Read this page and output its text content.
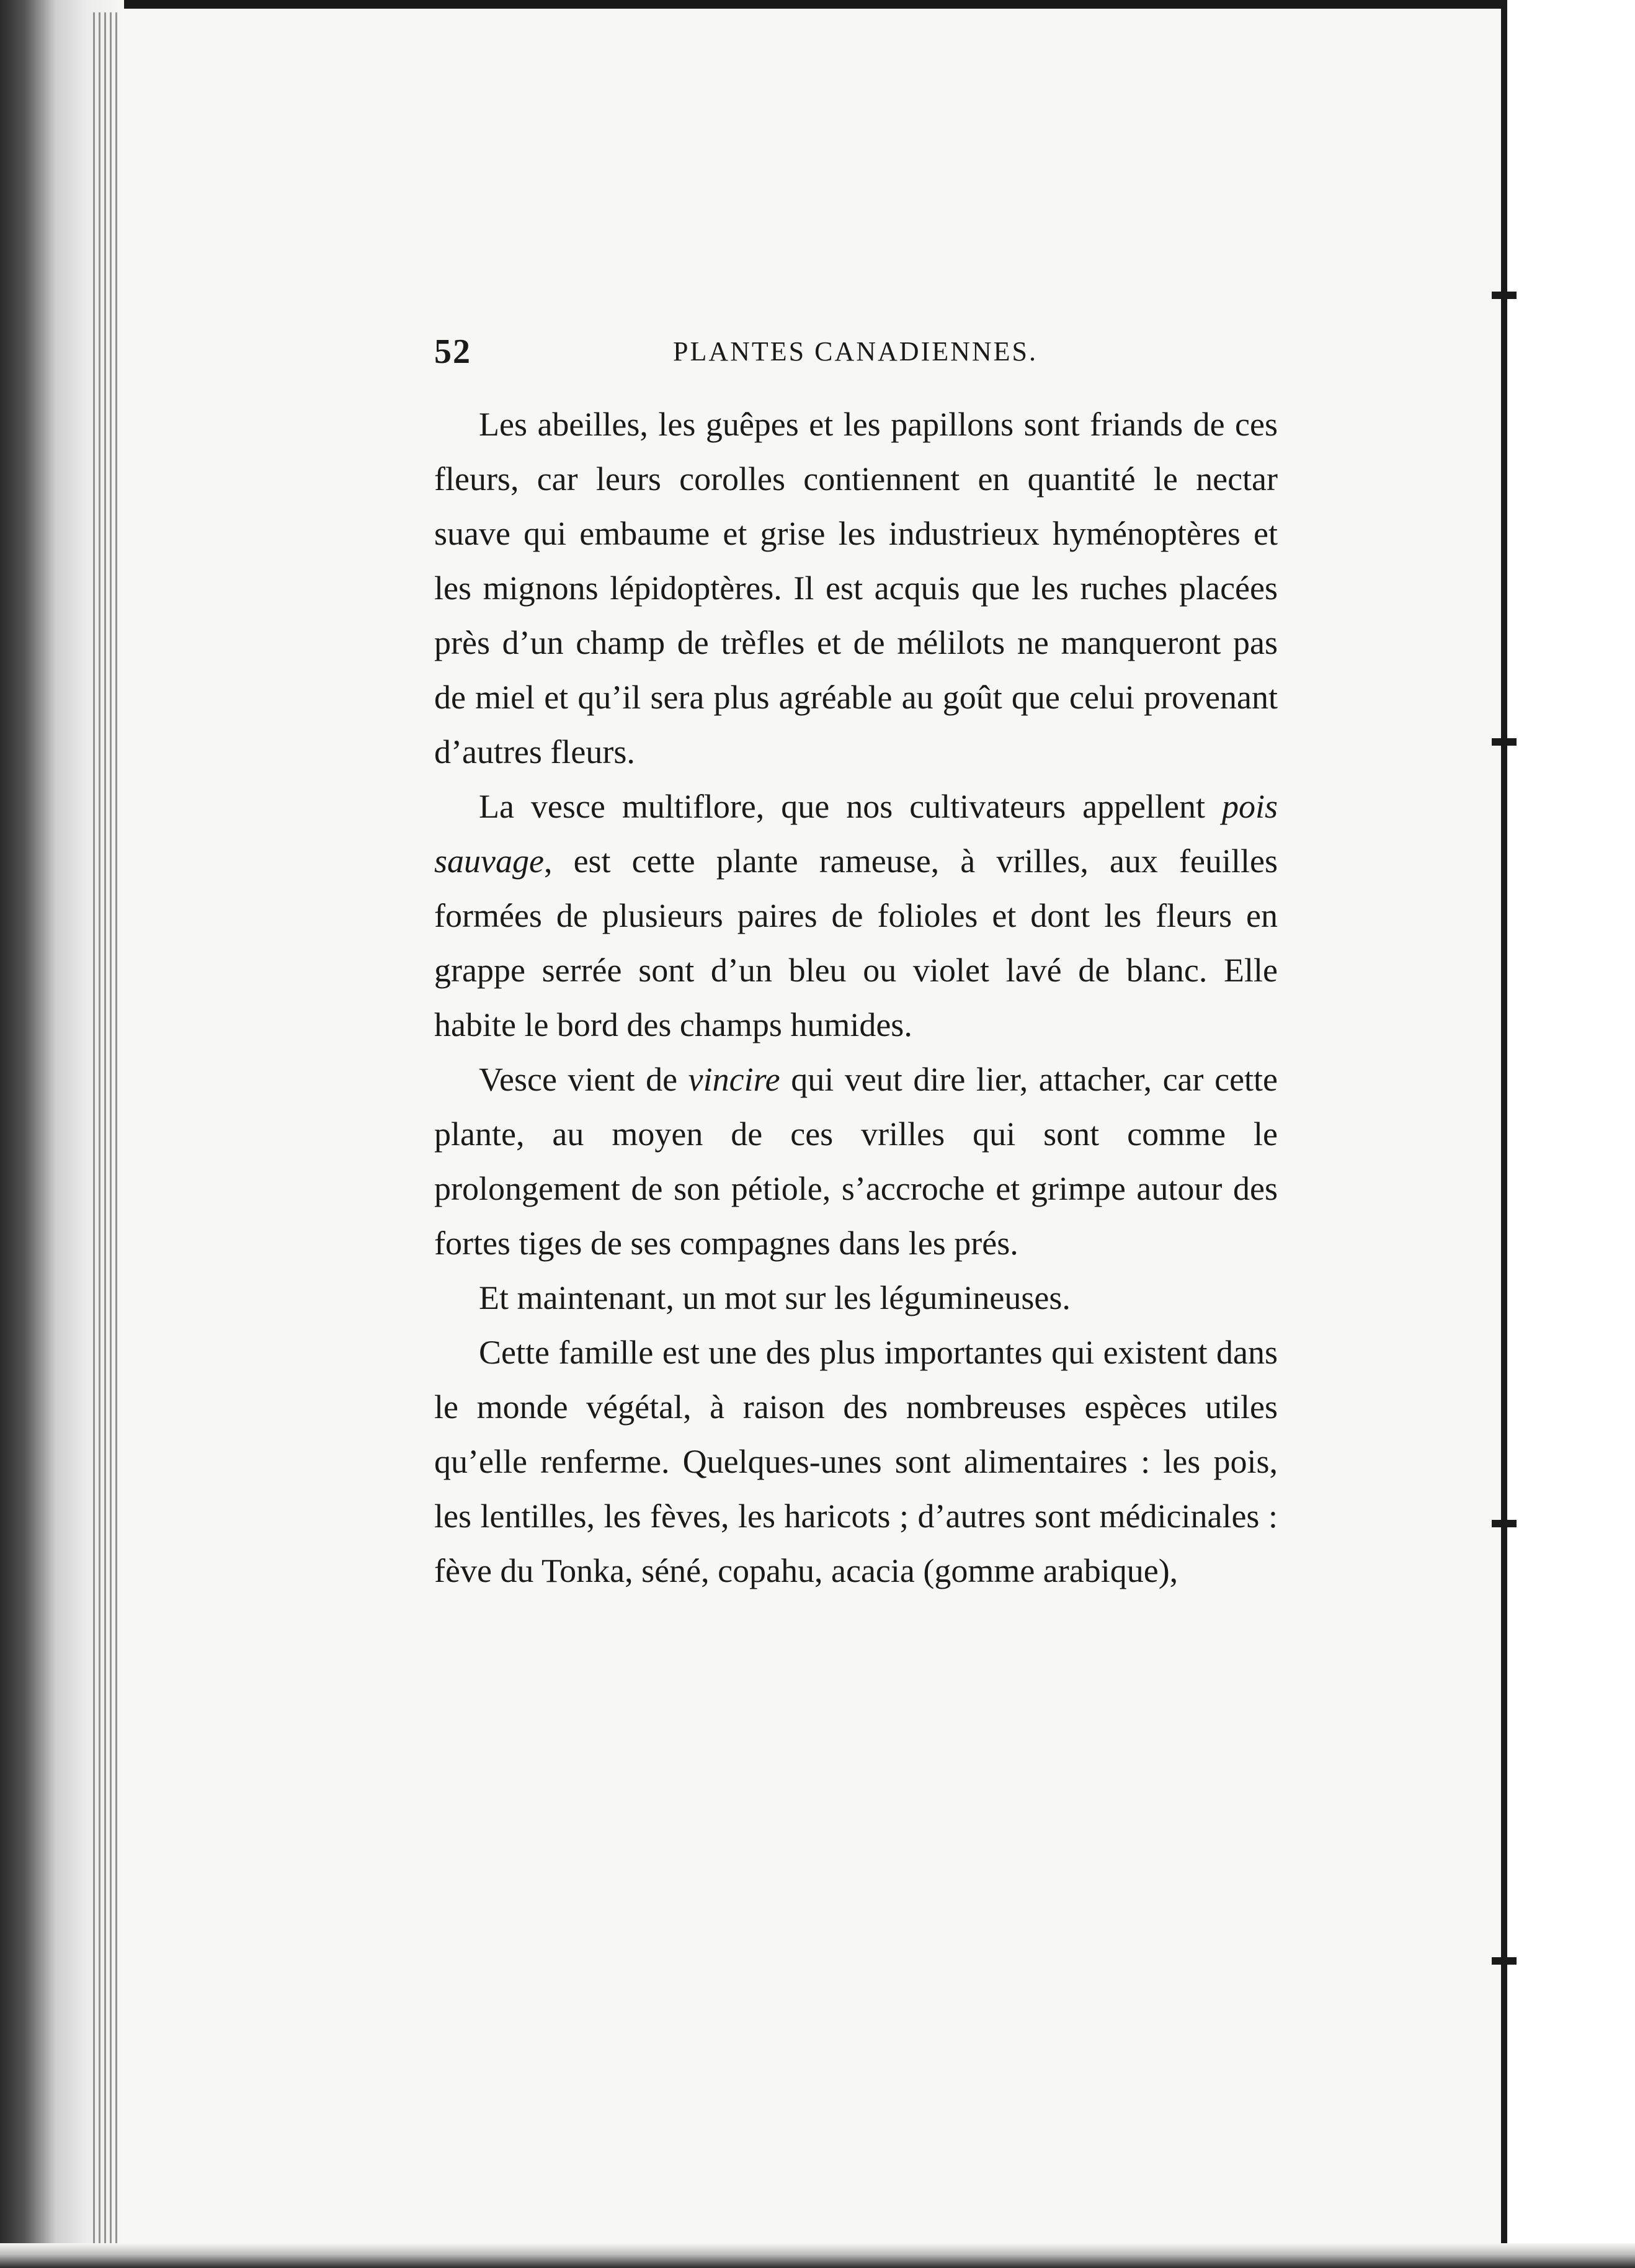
52	PLANTES CANADIENNES.

Les abeilles, les guêpes et les papillons sont friands de ces fleurs, car leurs corolles contiennent en quantité le nectar suave qui embaume et grise les industrieux hyménoptères et les mignons lépidoptères. Il est acquis que les ruches placées près d’un champ de trèfles et de mélilots ne manqueront pas de miel et qu’il sera plus agréable au goût que celui provenant d’autres fleurs.

La vesce multiflore, que nos cultivateurs appellent pois sauvage, est cette plante rameuse, à vrilles, aux feuilles formées de plusieurs paires de folioles et dont les fleurs en grappe serrée sont d’un bleu ou violet lavé de blanc. Elle habite le bord des champs humides.

Vesce vient de vincire qui veut dire lier, attacher, car cette plante, au moyen de ces vrilles qui sont comme le prolongement de son pétiole, s’accroche et grimpe autour des fortes tiges de ses compagnes dans les prés.

Et maintenant, un mot sur les légumineuses.

Cette famille est une des plus importantes qui existent dans le monde végétal, à raison des nombreuses espèces utiles qu’elle renferme. Quelques-unes sont alimentaires : les pois, les lentilles, les fèves, les haricots ; d’autres sont médicinales : fève du Tonka, séné, copahu, acacia (gomme arabique),
